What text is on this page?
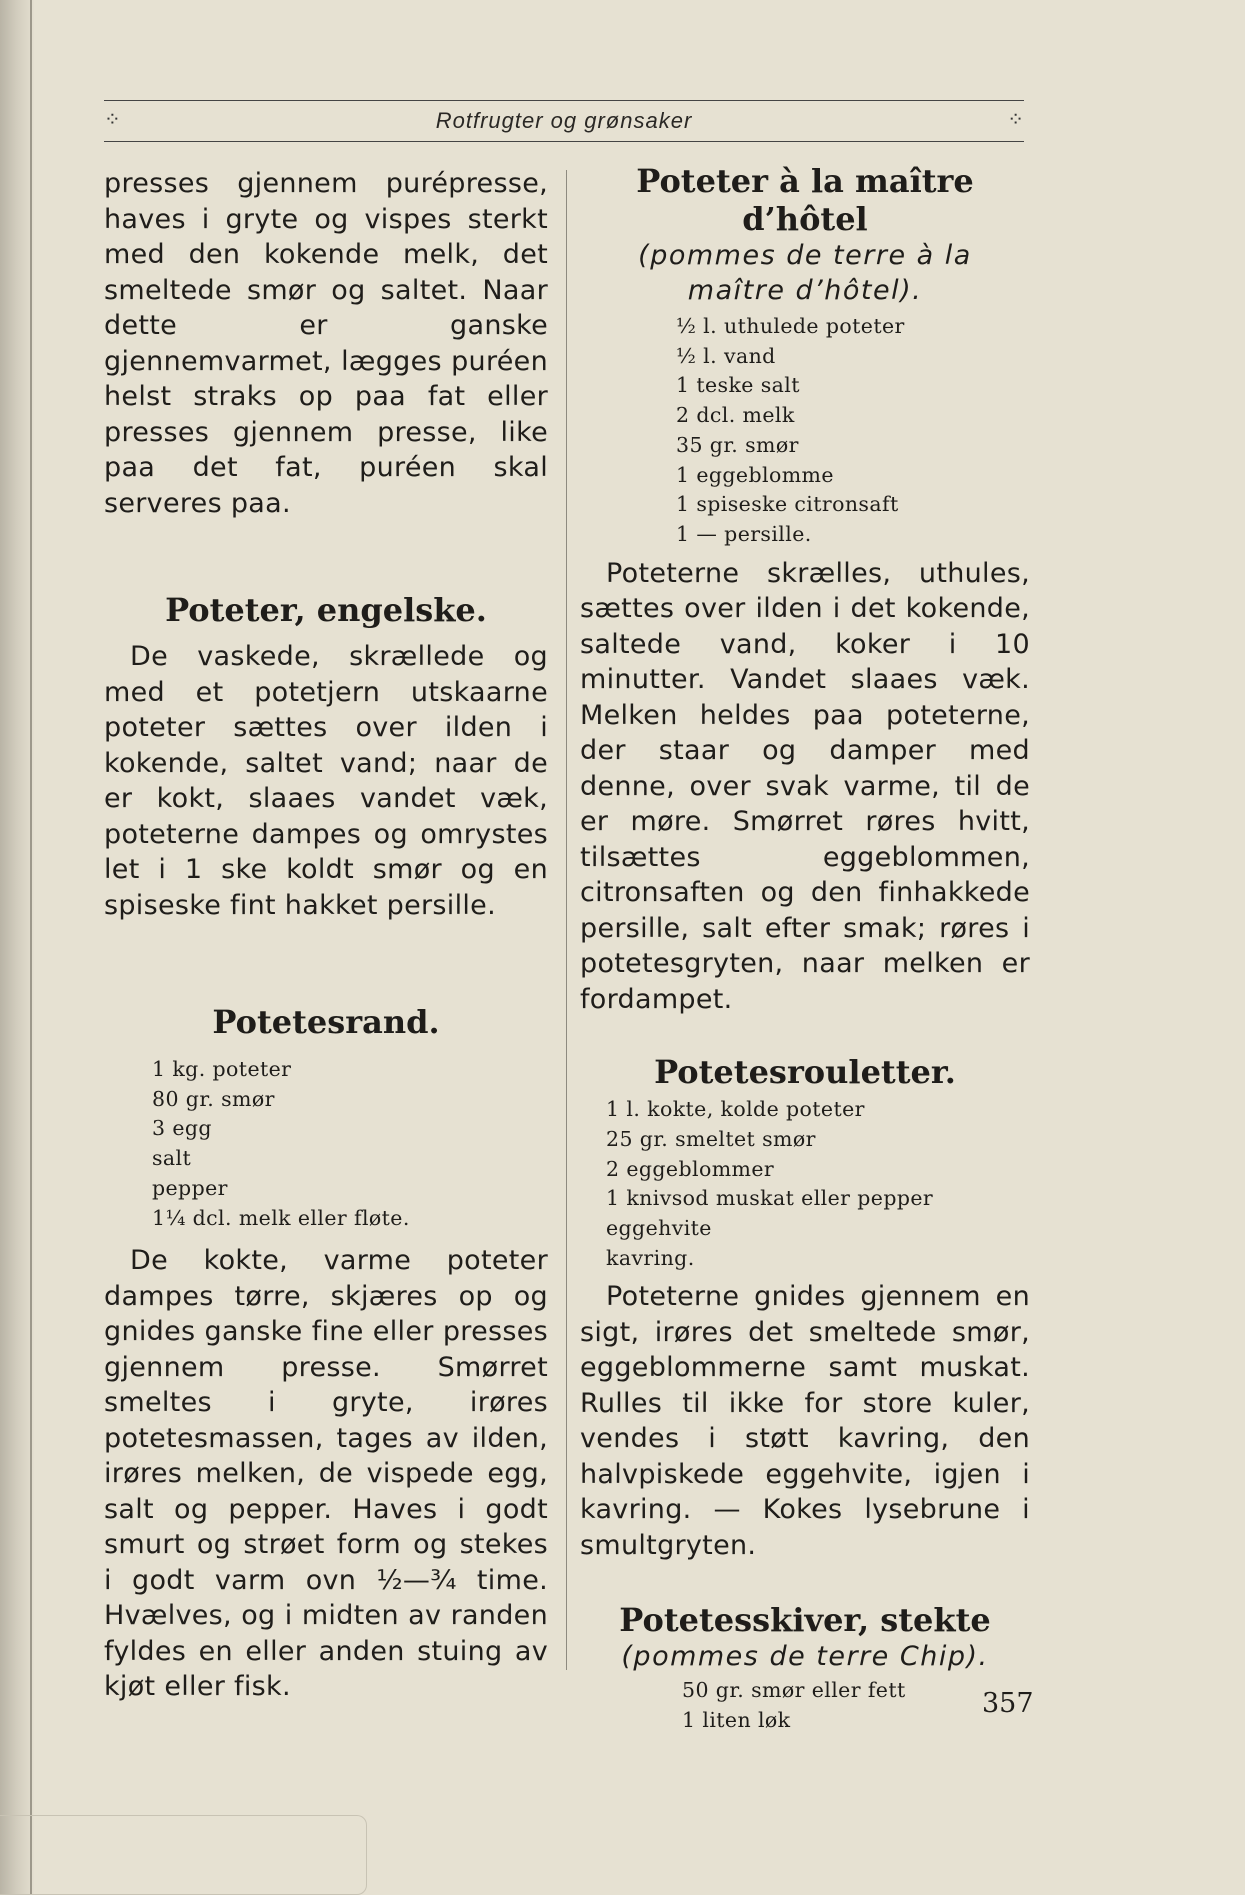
⁘	Rotfrugter og grønsaker	⁘

presses gjennem purépresse, haves i gryte og vispes sterkt med den kokende melk, det smeltede smør og saltet. Naar dette er ganske gjennemvarmet, lægges puréen helst straks op paa fat eller presses gjennem presse, like paa det fat, puréen skal serveres paa.

Poteter, engelske.

De vaskede, skrællede og med et potetjern utskaarne poteter sættes over ilden i kokende, saltet vand; naar de er kokt, slaaes vandet væk, poteterne dampes og omrystes let i 1 ske koldt smør og en spiseske fint hakket persille.

Potetesrand.
1 kg. poteter
80 gr. smør
3 egg
salt
pepper
1¼ dcl. melk eller fløte.

De kokte, varme poteter dampes tørre, skjæres op og gnides ganske fine eller presses gjennem presse. Smørret smeltes i gryte, irøres potetesmassen, tages av ilden, irøres melken, de vispede egg, salt og pepper. Haves i godt smurt og strøet form og stekes i godt varm ovn ½—¾ time. Hvælves, og i midten av randen fyldes en eller anden stuing av kjøt eller fisk.

Poteter à la maître d’hôtel

(pommes de terre à la maître d’hôtel).

½ l. uthulede poteter
½ l. vand
1 teske salt
2 dcl. melk
35 gr. smør
1 eggeblomme
1 spiseske citronsaft
1 — persille.

Poteterne skrælles, uthules, sættes over ilden i det kokende, saltede vand, koker i 10 minutter. Vandet slaaes væk. Melken heldes paa poteterne, der staar og damper med denne, over svak varme, til de er møre. Smørret røres hvitt, tilsættes eggeblommen, citronsaften og den finhakkede persille, salt efter smak; røres i potetesgryten, naar melken er fordampet.

Potetesrouletter.
1 l. kokte, kolde poteter
25 gr. smeltet smør
2 eggeblommer
1 knivsod muskat eller pepper
eggehvite
kavring.

Poteterne gnides gjennem en sigt, irøres det smeltede smør, eggeblommerne samt muskat. Rulles til ikke for store kuler, vendes i støtt kavring, den halvpiskede eggehvite, igjen i kavring. — Kokes lysebrune i smultgryten.

Potetesskiver, stekte

(pommes de terre Chip).

50 gr. smør eller fett
1 liten løk
357
